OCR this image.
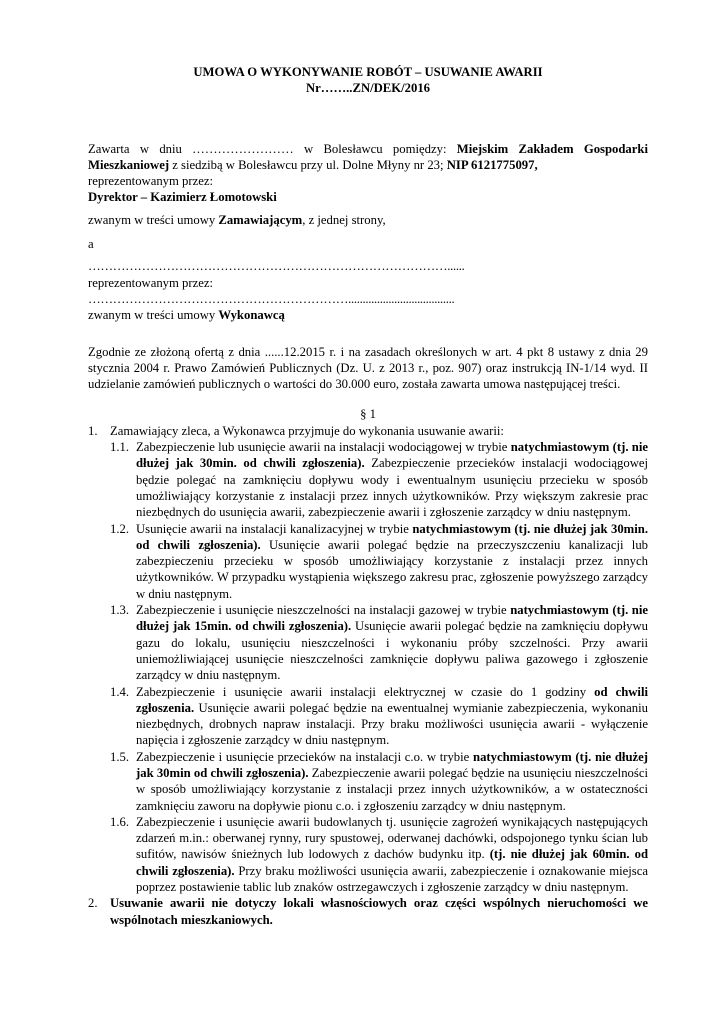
UMOWA O WYKONYWANIE ROBÓT – USUWANIE AWARII

Nr……..ZN/DEK/2016

Zawarta w dniu …………………… w Bolesławcu pomiędzy: Miejskim Zakładem Gospodarki Mieszkaniowej z siedzibą w Bolesławcu przy ul. Dolne Młyny nr 23; NIP 6121775097,

reprezentowanym przez:

Dyrektor – Kazimierz Łomotowski

zwanym w treści umowy Zamawiającym, z jednej strony,

a

……………………………………………………………………………......

reprezentowanym przez:

……………………………………………………….....................................

zwanym w treści umowy Wykonawcą

Zgodnie ze złożoną ofertą z dnia ......12.2015 r. i na zasadach określonych w art. 4 pkt 8 ustawy z dnia 29 stycznia 2004 r. Prawo Zamówień Publicznych (Dz. U. z 2013 r., poz. 907) oraz instrukcją IN-1/14 wyd. II udzielanie zamówień publicznych o wartości do 30.000 euro, została zawarta umowa następującej treści.

§ 1

1. Zamawiający zleca, a Wykonawca przyjmuje do wykonania usuwanie awarii:
1.1. Zabezpieczenie lub usunięcie awarii na instalacji wodociągowej w trybie natychmiastowym (tj. nie dłużej jak 30min. od chwili zgłoszenia). Zabezpieczenie przecieków instalacji wodociągowej będzie polegać na zamknięciu dopływu wody i ewentualnym usunięciu przecieku w sposób umożliwiający korzystanie z instalacji przez innych użytkowników. Przy większym zakresie prac niezbędnych do usunięcia awarii, zabezpieczenie awarii i zgłoszenie zarządcy w dniu następnym.
1.2. Usunięcie awarii na instalacji kanalizacyjnej w trybie natychmiastowym (tj. nie dłużej jak 30min. od chwili zgłoszenia). Usunięcie awarii polegać będzie na przeczyszczeniu kanalizacji lub zabezpieczeniu przecieku w sposób umożliwiający korzystanie z instalacji przez innych użytkowników. W przypadku wystąpienia większego zakresu prac, zgłoszenie powyższego zarządcy w dniu następnym.
1.3. Zabezpieczenie i usunięcie nieszczelności na instalacji gazowej w trybie natychmiastowym (tj. nie dłużej jak 15min. od chwili zgłoszenia). Usunięcie awarii polegać będzie na zamknięciu dopływu gazu do lokalu, usunięciu nieszczelności i wykonaniu próby szczelności. Przy awarii uniemożliwiającej usunięcie nieszczelności zamknięcie dopływu paliwa gazowego i zgłoszenie zarządcy w dniu następnym.
1.4. Zabezpieczenie i usunięcie awarii instalacji elektrycznej w czasie do 1 godziny od chwili zgłoszenia. Usunięcie awarii polegać będzie na ewentualnej wymianie zabezpieczenia, wykonaniu niezbędnych, drobnych napraw instalacji. Przy braku możliwości usunięcia awarii - wyłączenie napięcia i zgłoszenie zarządcy w dniu następnym.
1.5. Zabezpieczenie i usunięcie przecieków na instalacji c.o. w trybie natychmiastowym (tj. nie dłużej jak 30min od chwili zgłoszenia). Zabezpieczenie awarii polegać będzie na usunięciu nieszczelności w sposób umożliwiający korzystanie z instalacji przez innych użytkowników, a w ostateczności zamknięciu zaworu na dopływie pionu c.o. i zgłoszeniu zarządcy w dniu następnym.
1.6. Zabezpieczenie i usunięcie awarii budowlanych tj. usunięcie zagrożeń wynikających następujących zdarzeń m.in.: oberwanej rynny, rury spustowej, oderwanej dachówki, odspojonego tynku ścian lub sufitów, nawisów śnieżnych lub lodowych z dachów budynku itp. (tj. nie dłużej jak 60min. od chwili zgłoszenia). Przy braku możliwości usunięcia awarii, zabezpieczenie i oznakowanie miejsca poprzez postawienie tablic lub znaków ostrzegawczych i zgłoszenie zarządcy w dniu następnym.
2. Usuwanie awarii nie dotyczy lokali własnościowych oraz części wspólnych nieruchomości we wspólnotach mieszkaniowych.
